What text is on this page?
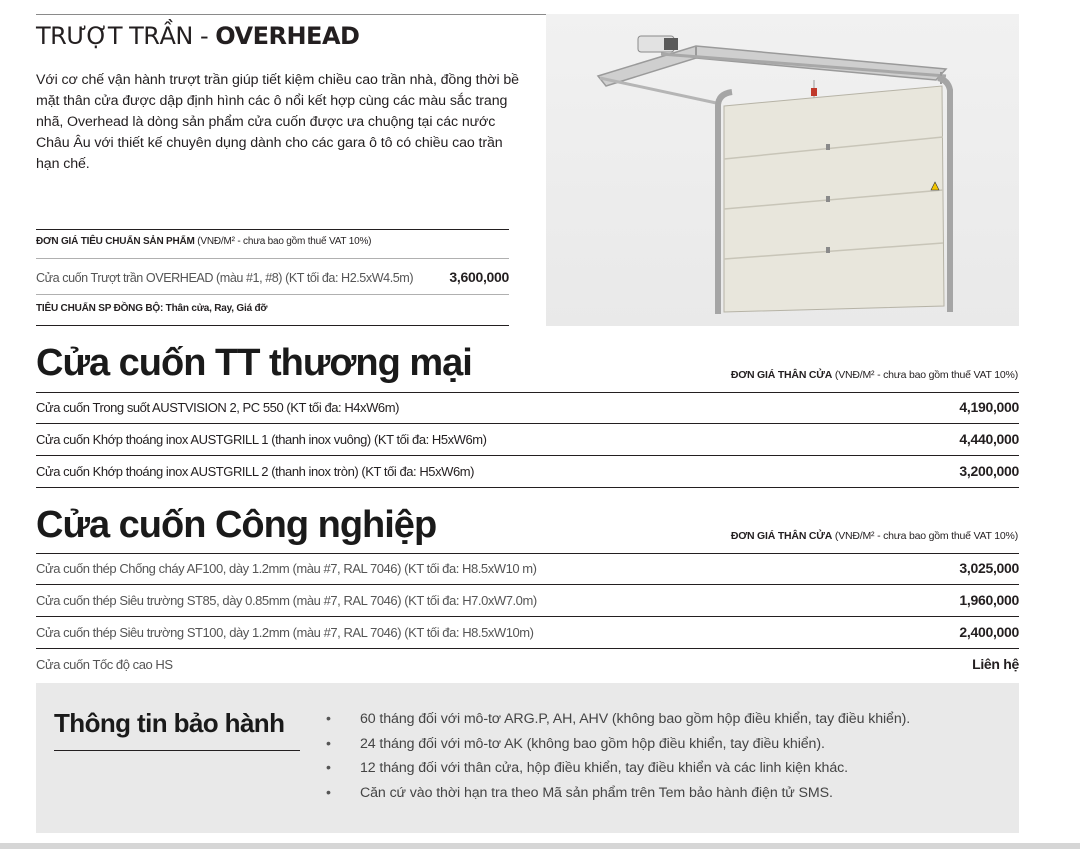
TRƯỢT TRẦN - OVERHEAD

Với cơ chế vận hành trượt trần giúp tiết kiệm chiều cao trần nhà, đồng thời bề mặt thân cửa được dập định hình các ô nổi kết hợp cùng các màu sắc trang nhã, Overhead là dòng sản phẩm cửa cuốn được ưa chuộng tại các nước Châu Âu với thiết kế chuyên dụng dành cho các gara ô tô có chiều cao trần hạn chế.

ĐƠN GIÁ TIÊU CHUẨN SẢN PHẨM (VNĐ/M² - chưa bao gồm thuế VAT 10%)
Cửa cuốn Trượt trần OVERHEAD (màu #1, #8) (KT tối đa: H2.5xW4.5m)	3,600,000
TIÊU CHUẨN SP ĐỒNG BỘ: Thân cửa, Ray, Giá đỡ
Cửa cuốn TT thương mại	ĐƠN GIÁ THÂN CỬA (VNĐ/M² - chưa bao gồm thuế VAT 10%)
Cửa cuốn Trong suốt AUSTVISION 2, PC 550 (KT tối đa: H4xW6m)	4,190,000
Cửa cuốn Khớp thoáng inox AUSTGRILL 1 (thanh inox vuông) (KT tối đa: H5xW6m)	4,440,000
Cửa cuốn Khớp thoáng inox AUSTGRILL 2 (thanh inox tròn) (KT tối đa: H5xW6m)	3,200,000
Cửa cuốn Công nghiệp	ĐƠN GIÁ THÂN CỬA (VNĐ/M² - chưa bao gồm thuế VAT 10%)
Cửa cuốn thép Chống cháy AF100, dày 1.2mm (màu #7, RAL 7046) (KT tối đa: H8.5xW10 m)	3,025,000
Cửa cuốn thép Siêu trường ST85, dày 0.85mm (màu #7, RAL 7046) (KT tối đa: H7.0xW7.0m)	1,960,000
Cửa cuốn thép Siêu trường ST100, dày 1.2mm (màu #7, RAL 7046) (KT tối đa: H8.5xW10m)	2,400,000
Cửa cuốn Tốc độ cao HS	Liên hệ
Thông tin bảo hành
•	60 tháng đối với mô-tơ ARG.P, AH, AHV (không bao gồm hộp điều khiển, tay điều khiển).
• 24 tháng đối với mô-tơ AK (không bao gồm hộp điều khiển, tay điều khiển).
• 12 tháng đối với thân cửa, hộp điều khiển, tay điều khiển và các linh kiện khác.
• Căn cứ vào thời hạn tra theo Mã sản phẩm trên Tem bảo hành điện tử SMS.
